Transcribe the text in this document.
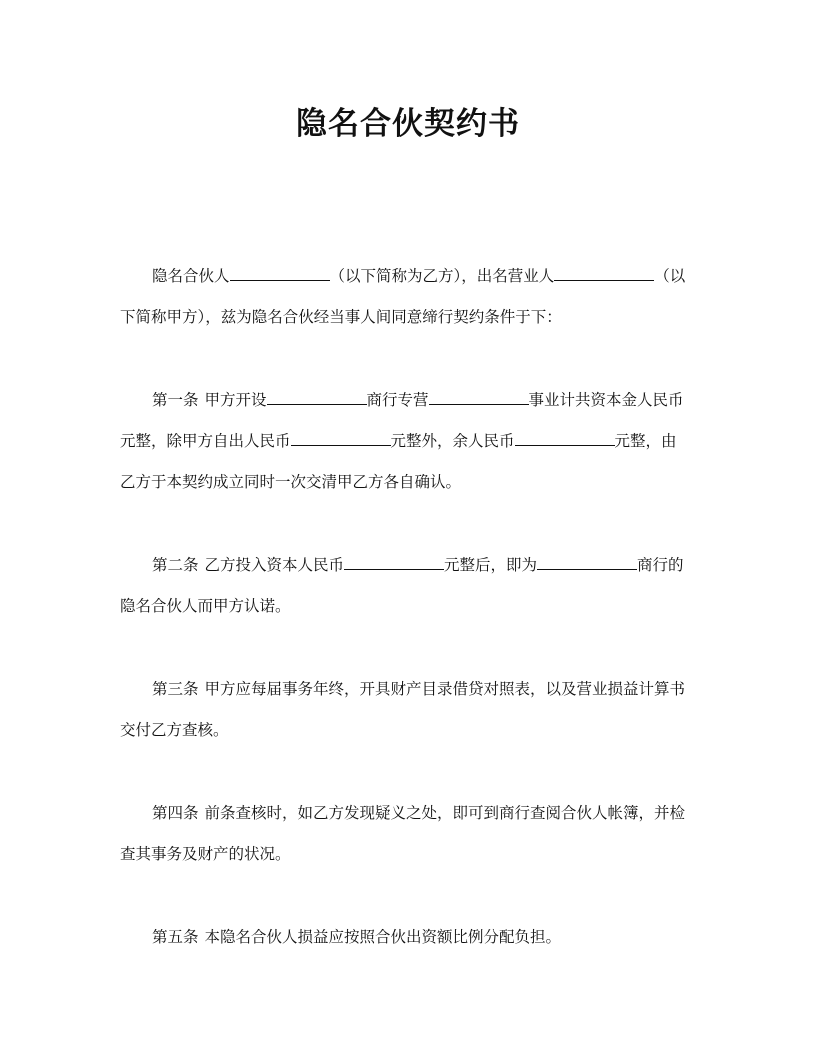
隐名合伙契约书
隐名合伙人	（以下简称为乙方），出名营业人	（以
下简称甲方），兹为隐名合伙经当事人间同意缔行契约条件于下：
第一条 甲方开设	商行专营	事业计共资本金人民币
元整，除甲方自出人民币	元整外，余人民币	元整，由
乙方于本契约成立同时一次交清甲乙方各自确认。
第二条 乙方投入资本人民币	元整后，即为	商行的
隐名合伙人而甲方认诺。
第三条 甲方应每届事务年终，开具财产目录借贷对照表，以及营业损益计算书
交付乙方查核。
第四条 前条查核时，如乙方发现疑义之处，即可到商行查阅合伙人帐簿，并检
查其事务及财产的状况。
第五条 本隐名合伙人损益应按照合伙出资额比例分配负担。
